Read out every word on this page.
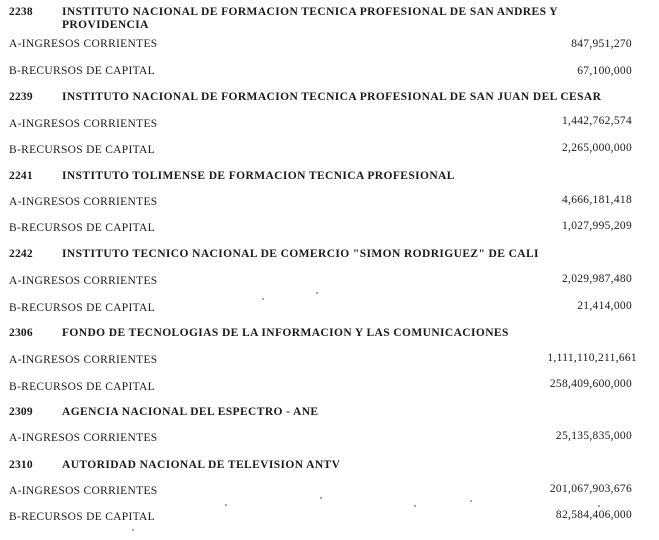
2238	INSTITUTO NACIONAL DE FORMACION TECNICA PROFESIONAL DE SAN ANDRES Y PROVIDENCIA
A-INGRESOS CORRIENTES	847,951,270
B-RECURSOS DE CAPITAL	67,100,000
2239	INSTITUTO NACIONAL DE FORMACION TECNICA PROFESIONAL DE SAN JUAN DEL CESAR
A-INGRESOS CORRIENTES	1,442,762,574
B-RECURSOS DE CAPITAL	2,265,000,000
2241	INSTITUTO TOLIMENSE DE FORMACION TECNICA PROFESIONAL
A-INGRESOS CORRIENTES	4,666,181,418
B-RECURSOS DE CAPITAL	1,027,995,209
2242	INSTITUTO TECNICO NACIONAL DE COMERCIO "SIMON RODRIGUEZ" DE CALI
A-INGRESOS CORRIENTES	2,029,987,480
B-RECURSOS DE CAPITAL	21,414,000
2306	FONDO DE TECNOLOGIAS DE LA INFORMACION Y LAS COMUNICACIONES
A-INGRESOS CORRIENTES	1,111,110,211,661
B-RECURSOS DE CAPITAL	258,409,600,000
2309	AGENCIA NACIONAL DEL ESPECTRO - ANE
A-INGRESOS CORRIENTES	25,135,835,000
2310	AUTORIDAD NACIONAL DE TELEVISION ANTV
A-INGRESOS CORRIENTES	201,067,903,676
B-RECURSOS DE CAPITAL	82,584,406,000
